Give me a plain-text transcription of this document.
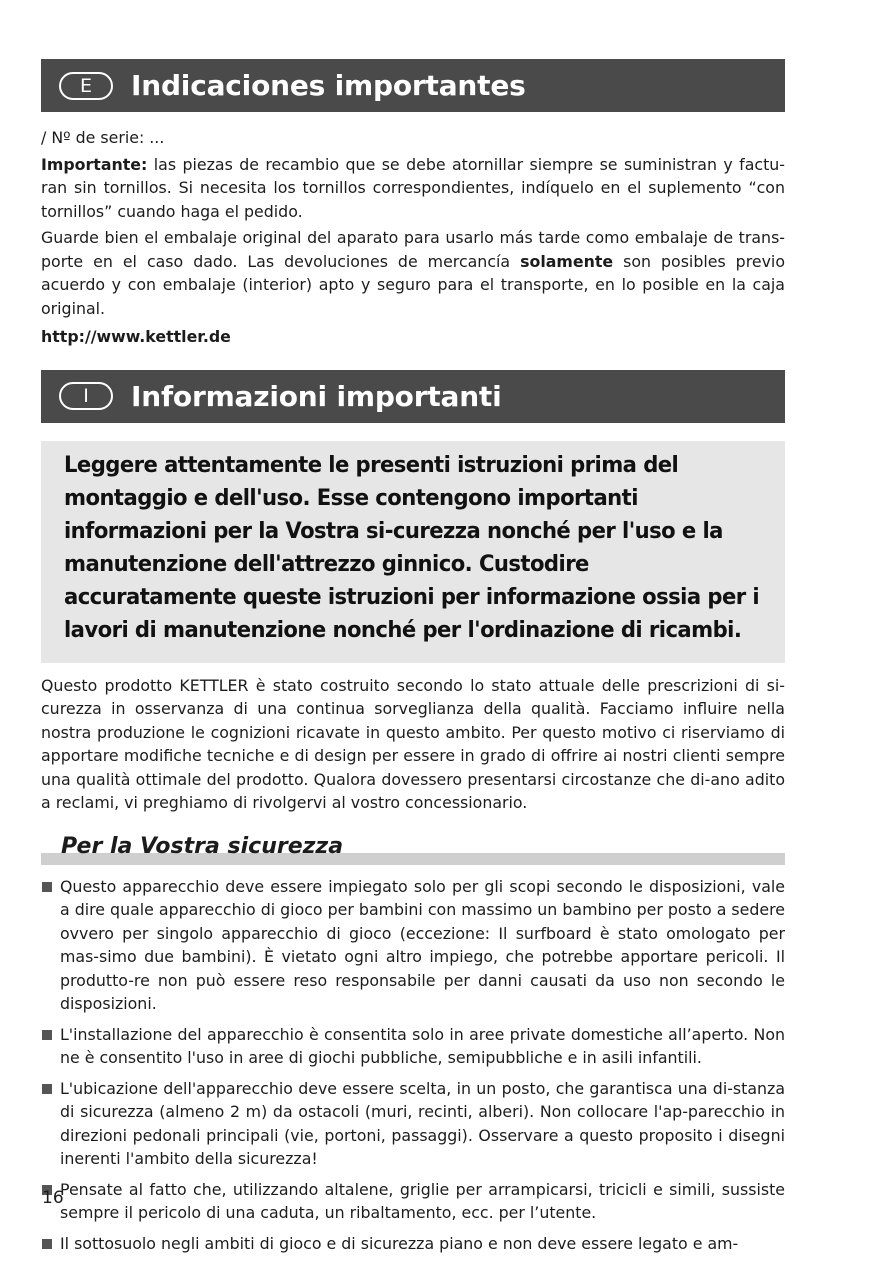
E	Indicaciones importantes

/ Nº de serie: ...

Importante: las piezas de recambio que se debe atornillar siempre se suministran y factu-ran sin tornillos. Si necesita los tornillos correspondientes, indíquelo en el suplemento “con tornillos” cuando haga el pedido.

Guarde bien el embalaje original del aparato para usarlo más tarde como embalaje de trans-porte en el caso dado. Las devoluciones de mercancía solamente son posibles previo acuerdo y con embalaje (interior) apto y seguro para el transporte, en lo posible en la caja original.

http://www.kettler.de

I	Informazioni importanti

Leggere attentamente le presenti istruzioni prima del montaggio e dell'uso. Esse contengono importanti informazioni per la Vostra si-curezza nonché per l'uso e la manutenzione dell'attrezzo ginnico. Custodire accuratamente queste istruzioni per informazione ossia per i lavori di manutenzione nonché per l'ordinazione di ricambi.

Questo prodotto KETTLER è stato costruito secondo lo stato attuale delle prescrizioni di si-curezza in osservanza di una continua sorveglianza della qualità. Facciamo influire nella nostra produzione le cognizioni ricavate in questo ambito. Per questo motivo ci riserviamo di apportare modifiche tecniche e di design per essere in grado di offrire ai nostri clienti sempre una qualità ottimale del prodotto. Qualora dovessero presentarsi circostanze che di-ano adito a reclami, vi preghiamo di rivolgervi al vostro concessionario.

Per la Vostra sicurezza
Questo apparecchio deve essere impiegato solo per gli scopi secondo le disposizioni, vale a dire quale apparecchio di gioco per bambini con massimo un bambino per posto a sedere ovvero per singolo apparecchio di gioco (eccezione: Il surfboard è stato omologato per mas-simo due bambini). È vietato ogni altro impiego, che potrebbe apportare pericoli. Il produtto-re non può essere reso responsabile per danni causati da uso non secondo le disposizioni.
L'installazione del apparecchio è consentita solo in aree private domestiche all’aperto. Non ne è consentito l'uso in aree di giochi pubbliche, semipubbliche e in asili infantili.
L'ubicazione dell'apparecchio deve essere scelta, in un posto, che garantisca una di-stanza di sicurezza (almeno 2 m) da ostacoli (muri, recinti, alberi). Non collocare l'ap-parecchio in direzioni pedonali principali (vie, portoni, passaggi). Osservare a questo proposito i disegni inerenti l'ambito della sicurezza!
Pensate al fatto che, utilizzando altalene, griglie per arrampicarsi, tricicli e simili, sussiste sempre il pericolo di una caduta, un ribaltamento, ecc. per l’utente.
Il sottosuolo negli ambiti di gioco e di sicurezza piano e non deve essere legato e am-
16
